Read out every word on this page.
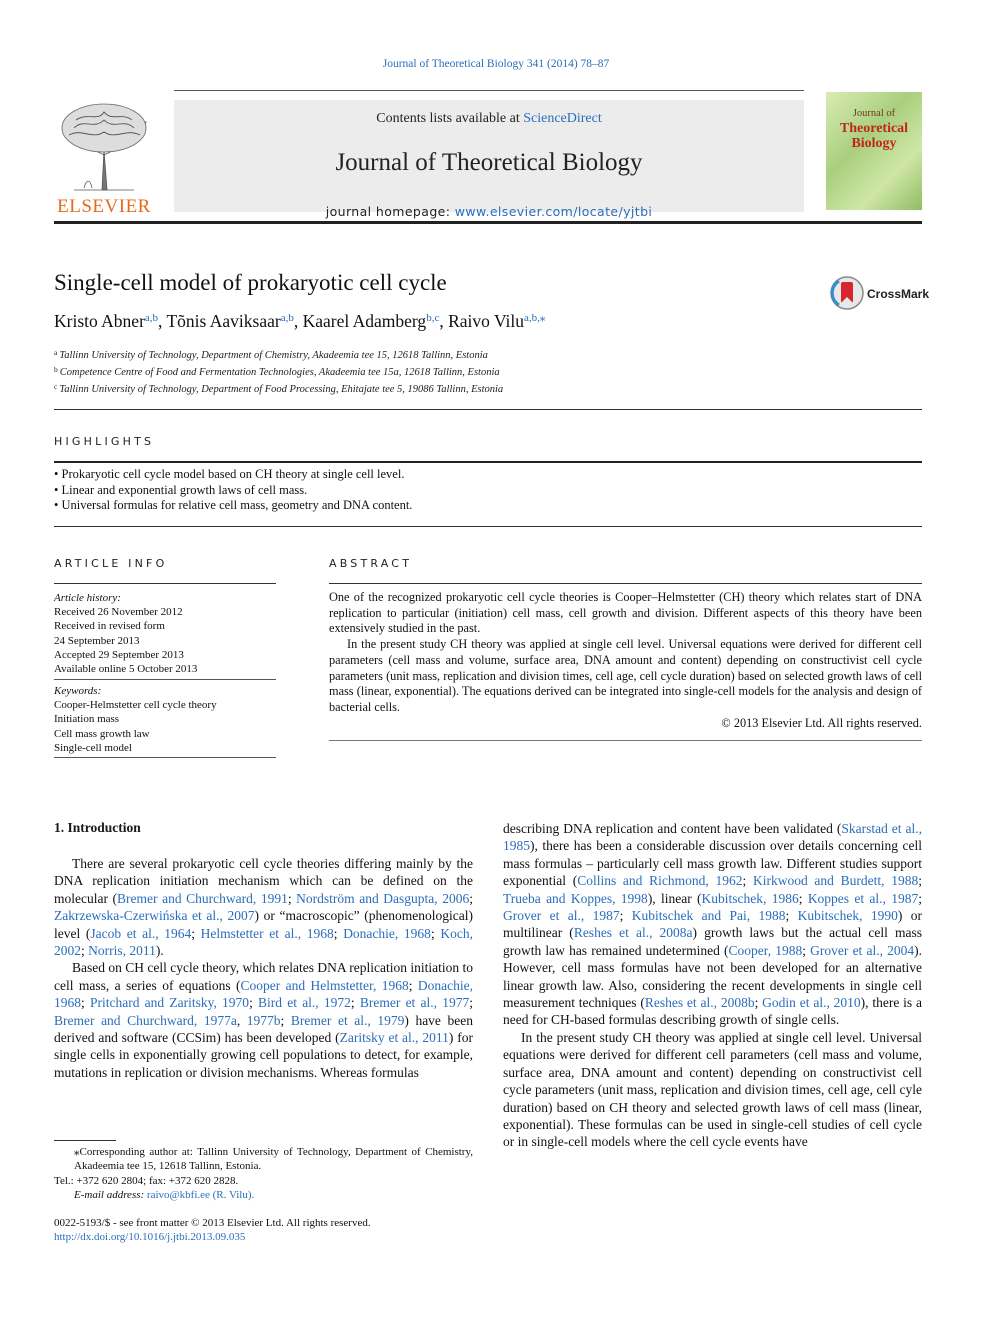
Journal of Theoretical Biology 341 (2014) 78–87
ELSEVIER
Contents lists available at ScienceDirect
Journal of Theoretical Biology
journal homepage: www.elsevier.com/locate/yjtbi
Journal of
Theoretical
Biology
Single-cell model of prokaryotic cell cycle	CrossMark
Kristo Abner$^{a,b}$, Tõnis Aaviksaar$^{a,b}$, Kaarel Adamberg$^{b,c}$, Raivo Vilu$^{a,b,⁎}$
$^a$ Tallinn University of Technology, Department of Chemistry, Akadeemia tee 15, 12618 Tallinn, Estonia
$^b$ Competence Centre of Food and Fermentation Technologies, Akadeemia tee 15a, 12618 Tallinn, Estonia
$^c$ Tallinn University of Technology, Department of Food Processing, Ehitajate tee 5, 19086 Tallinn, Estonia
HIGHLIGHTS
• Prokaryotic cell cycle model based on CH theory at single cell level.
• Linear and exponential growth laws of cell mass.
• Universal formulas for relative cell mass, geometry and DNA content.
ARTICLE INFO
Article history:
Received 26 November 2012
Received in revised form
24 September 2013
Accepted 29 September 2013
Available online 5 October 2013
Keywords:
Cooper-Helmstetter cell cycle theory
Initiation mass
Cell mass growth law
Single-cell model
ABSTRACT

One of the recognized prokaryotic cell cycle theories is Cooper–Helmstetter (CH) theory which relates start of DNA replication to particular (initiation) cell mass, cell growth and division. Different aspects of this theory have been extensively studied in the past.

In the present study CH theory was applied at single cell level. Universal equations were derived for different cell parameters (cell mass and volume, surface area, DNA amount and content) depending on constructivist cell cycle parameters (unit mass, replication and division times, cell age, cell cycle duration) based on selected growth laws of cell mass (linear, exponential). The equations derived can be integrated into single-cell models for the analysis and design of bacterial cells.

© 2013 Elsevier Ltd. All rights reserved.
1. Introduction

There are several prokaryotic cell cycle theories differing mainly by the DNA replication initiation mechanism which can be defined on the molecular (Bremer and Churchward, 1991; Nordström and Dasgupta, 2006; Zakrzewska-Czerwińska et al., 2007) or “macroscopic” (phenomenological) level (Jacob et al., 1964; Helmstetter et al., 1968; Donachie, 1968; Koch, 2002; Norris, 2011).

Based on CH cell cycle theory, which relates DNA replication initiation to cell mass, a series of equations (Cooper and Helmstetter, 1968; Donachie, 1968; Pritchard and Zaritsky, 1970; Bird et al., 1972; Bremer et al., 1977; Bremer and Churchward, 1977a, 1977b; Bremer et al., 1979) have been derived and software (CCSim) has been developed (Zaritsky et al., 2011) for single cells in exponentially growing cell populations to detect, for example, mutations in replication or division mechanisms. Whereas formulas

describing DNA replication and content have been validated (Skarstad et al., 1985), there has been a considerable discussion over details concerning cell mass formulas – particularly cell mass growth law. Different studies support exponential (Collins and Richmond, 1962; Kirkwood and Burdett, 1988; Trueba and Koppes, 1998), linear (Kubitschek, 1986; Koppes et al., 1987; Grover et al., 1987; Kubitschek and Pai, 1988; Kubitschek, 1990) or multilinear (Reshes et al., 2008a) growth laws but the actual cell mass growth law has remained undetermined (Cooper, 1988; Grover et al., 2004). However, cell mass formulas have not been developed for an alternative linear growth law. Also, considering the recent developments in single cell measurement techniques (Reshes et al., 2008b; Godin et al., 2010), there is a need for CH-based formulas describing growth of single cells.

In the present study CH theory was applied at single cell level. Universal equations were derived for different cell parameters (cell mass and volume, surface area, DNA amount and content) depending on constructivist cell cycle parameters (unit mass, replication and division times, cell age, cell cyle duration) based on CH theory and selected growth laws of cell mass (linear, exponential). These formulas can be used in single-cell studies of cell cycle or in single-cell models where the cell cycle events have

⁎Corresponding author at: Tallinn University of Technology, Department of Chemistry, Akadeemia tee 15, 12618 Tallinn, Estonia.
Tel.: +372 620 2804; fax: +372 620 2828.
E-mail address: raivo@kbfi.ee (R. Vilu).
0022-5193/$ - see front matter © 2013 Elsevier Ltd. All rights reserved.
http://dx.doi.org/10.1016/j.jtbi.2013.09.035
